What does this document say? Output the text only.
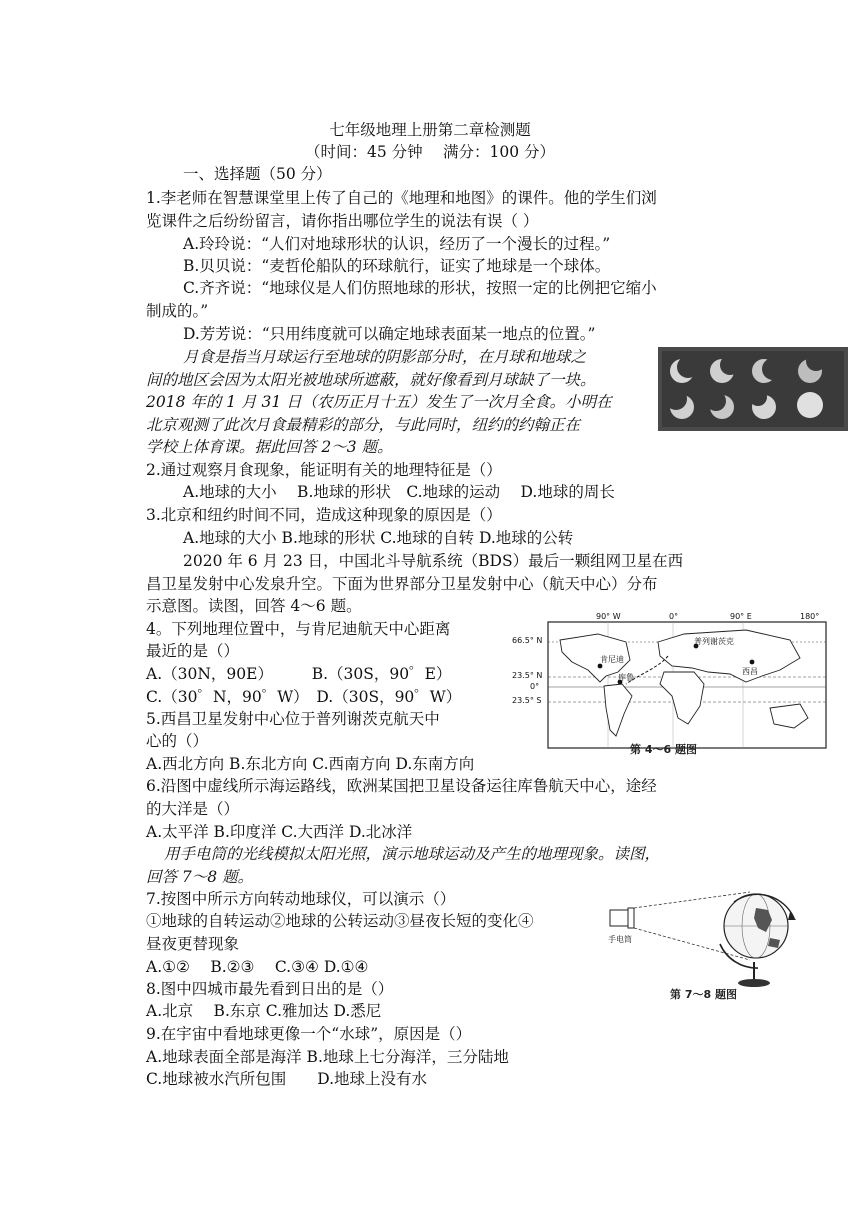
七年级地理上册第二章检测题
（时间：45 分钟　 满分：100 分）
一、选择题（50 分）
1.李老师在智慧课堂里上传了自己的《地理和地图》的课件。他的学生们浏
览课件之后纷纷留言，请你指出哪位学生的说法有误（ ）
A.玲玲说：“人们对地球形状的认识，经历了一个漫长的过程。”
B.贝贝说：“麦哲伦船队的环球航行，证实了地球是一个球体。
C.齐齐说：“地球仪是人们仿照地球的形状，按照一定的比例把它缩小
制成的。”
D.芳芳说：“只用纬度就可以确定地球表面某一地点的位置。”
月食是指当月球运行至地球的阴影部分时，在月球和地球之
间的地区会因为太阳光被地球所遮蔽，就好像看到月球缺了一块。
2018 年的 1 月 31 日（农历正月十五）发生了一次月全食。小明在
北京观测了此次月食最精彩的部分，与此同时，纽约的约翰正在
学校上体育课。据此回答 2～3 题。
2.通过观察月食现象，能证明有关的地理特征是（）
A.地球的大小　 B.地球的形状　C.地球的运动　 D.地球的周长
3.北京和纽约时间不同，造成这种现象的原因是（）
A.地球的大小 B.地球的形状 C.地球的自转 D.地球的公转
2020 年 6 月 23 日，中国北斗导航系统（BDS）最后一颗组网卫星在西
昌卫星发射中心发泉升空。下面为世界部分卫星发射中心（航天中心）分布
示意图。读图，回答 4～6 题。
4。下列地理位置中，与肯尼迪航天中心距离
最近的是（）
A.（30N，90E）　　　B.（30S，90゜E）
C.（30゜N，90゜W）　D.（30S，90゜W）
5.西昌卫星发射中心位于普列谢茨克航天中
心的（）
A.西北方向 B.东北方向 C.西南方向 D.东南方向
90° W	0°	90° E	180°
66.5° N
23.5° N
0°
23.5° S
普列谢茨克
肯尼迪
库鲁
西昌
第 4～6 题图
6.沿图中虚线所示海运路线，欧洲某国把卫星设备运往库鲁航天中心，途经
的大洋是（）
A.太平洋 B.印度洋 C.大西洋 D.北冰洋
用手电筒的光线模拟太阳光照，演示地球运动及产生的地理现象。读图，
回答 7～8 题。
7.按图中所示方向转动地球仪，可以演示（）
①地球的自转运动②地球的公转运动③昼夜长短的变化④
昼夜更替现象
A.①②　 B.②③　 C.③④ D.①④
手电筒
第 7～8 题图
8.图中四城市最先看到日出的是（）
A.北京　 B.东京 C.雅加达 D.悉尼
9.在宇宙中看地球更像一个“水球”，原因是（）
A.地球表面全部是海洋 B.地球上七分海洋，三分陆地
C.地球被水汽所包围　　D.地球上没有水
